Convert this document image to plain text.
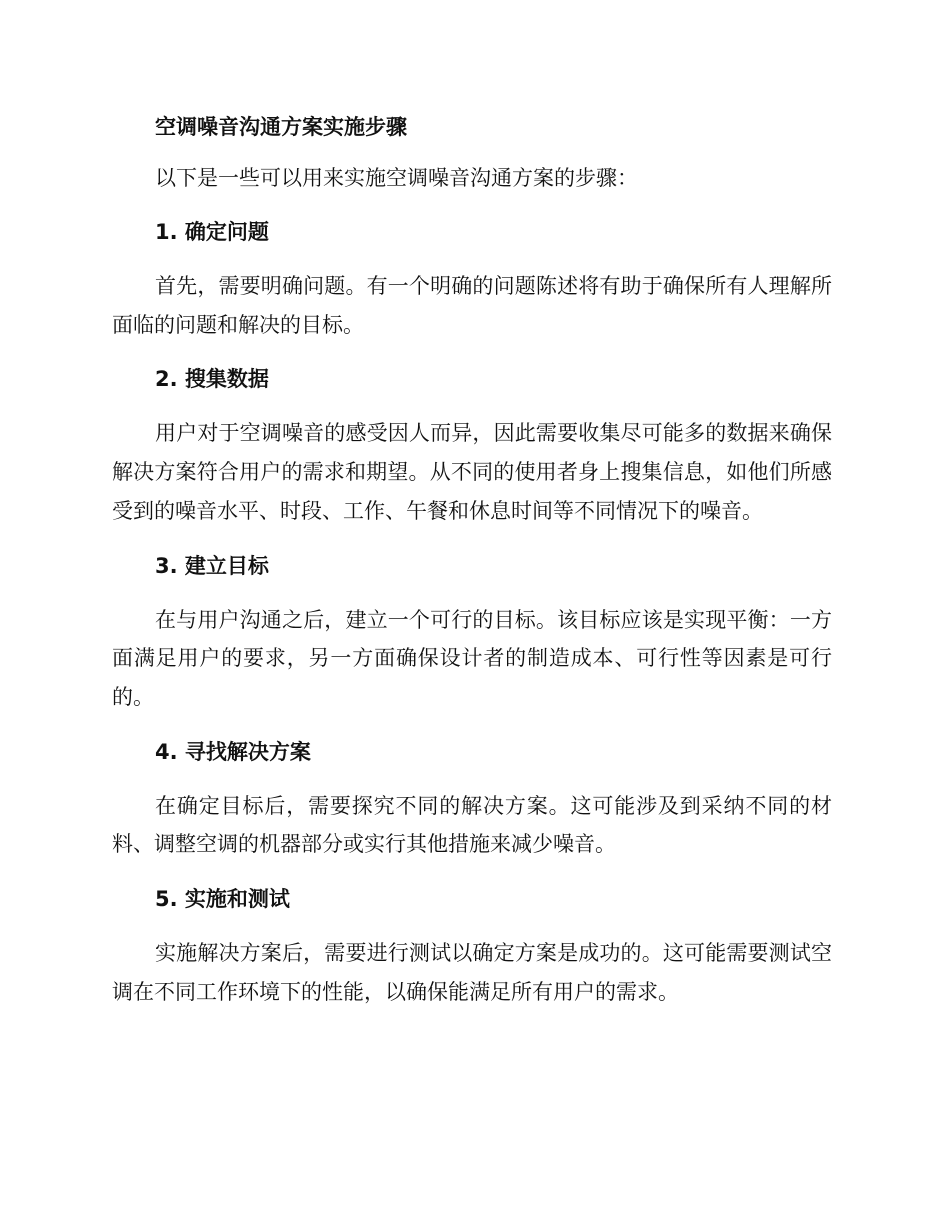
空调噪音沟通方案实施步骤

以下是一些可以用来实施空调噪音沟通方案的步骤：

1. 确定问题

首先，需要明确问题。有一个明确的问题陈述将有助于确保所有人理解所面临的问题和解决的目标。

2. 搜集数据

用户对于空调噪音的感受因人而异，因此需要收集尽可能多的数据来确保解决方案符合用户的需求和期望。从不同的使用者身上搜集信息，如他们所感受到的噪音水平、时段、工作、午餐和休息时间等不同情况下的噪音。

3. 建立目标

在与用户沟通之后，建立一个可行的目标。该目标应该是实现平衡：一方面满足用户的要求，另一方面确保设计者的制造成本、可行性等因素是可行的。

4. 寻找解决方案

在确定目标后，需要探究不同的解决方案。这可能涉及到采纳不同的材料、调整空调的机器部分或实行其他措施来减少噪音。

5. 实施和测试

实施解决方案后，需要进行测试以确定方案是成功的。这可能需要测试空调在不同工作环境下的性能，以确保能满足所有用户的需求。
